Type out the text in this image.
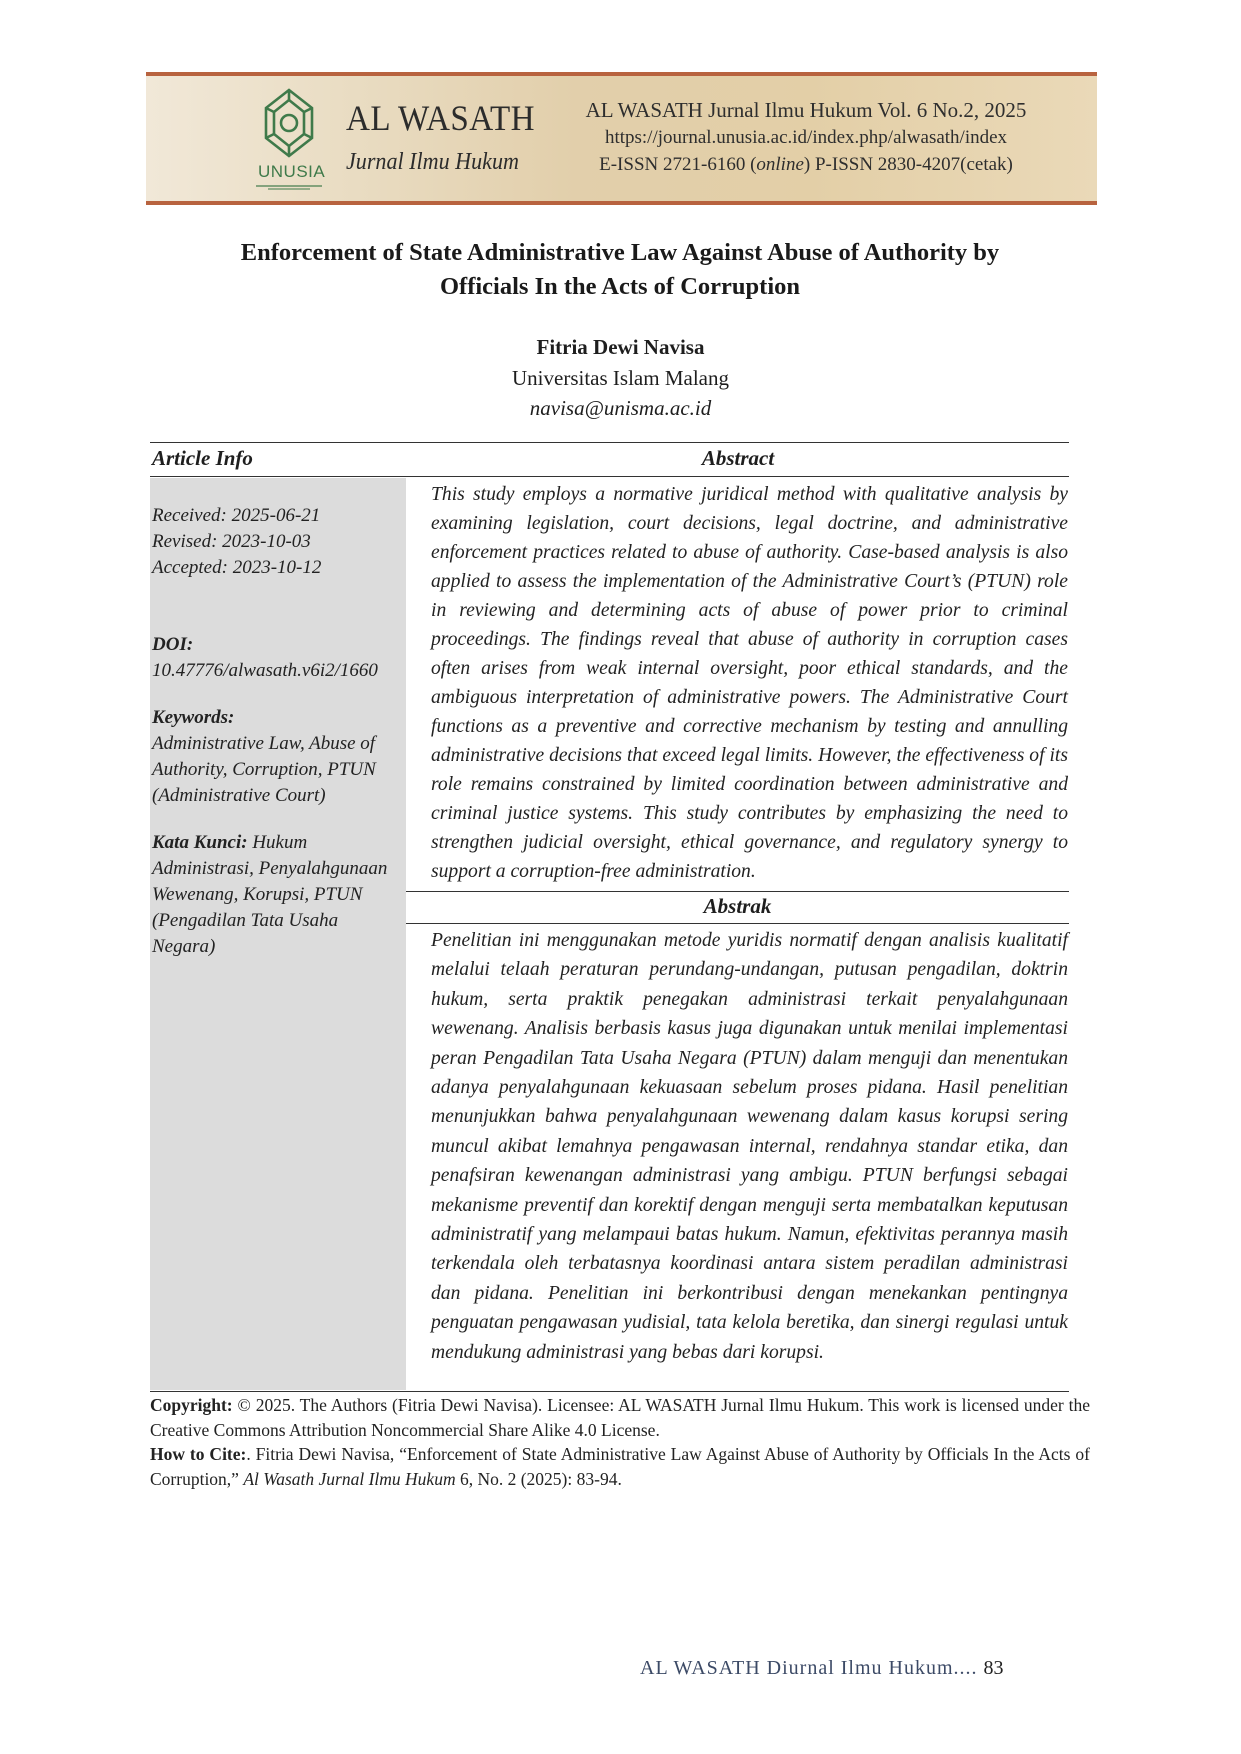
UNUSIA
AL WASATH
Jurnal Ilmu Hukum
AL WASATH Jurnal Ilmu Hukum Vol. 6 No.2, 2025
https://journal.unusia.ac.id/index.php/alwasath/index
E-ISSN 2721-6160 (online) P-ISSN 2830-4207(cetak)
Enforcement of State Administrative Law Against Abuse of Authority by
Officials In the Acts of Corruption
Fitria Dewi Navisa
Universitas Islam Malang
navisa@unisma.ac.id
Article Info	Abstract
Received: 2025-06-21
Revised: 2023-10-03
Accepted: 2023-10-12
DOI:
10.47776/alwasath.v6i2/1660
Keywords:
Administrative Law, Abuse of Authority, Corruption, PTUN (Administrative Court)
Kata Kunci: Hukum Administrasi, Penyalahgunaan Wewenang, Korupsi, PTUN (Pengadilan Tata Usaha Negara)
This study employs a normative juridical method with qualitative analysis by examining legislation, court decisions, legal doctrine, and administrative enforcement practices related to abuse of authority. Case-based analysis is also applied to assess the implementation of the Administrative Court’s (PTUN) role in reviewing and determining acts of abuse of power prior to criminal proceedings. The findings reveal that abuse of authority in corruption cases often arises from weak internal oversight, poor ethical standards, and the ambiguous interpretation of administrative powers. The Administrative Court functions as a preventive and corrective mechanism by testing and annulling administrative decisions that exceed legal limits. However, the effectiveness of its role remains constrained by limited coordination between administrative and criminal justice systems. This study contributes by emphasizing the need to strengthen judicial oversight, ethical governance, and regulatory synergy to support a corruption-free administration.
Abstrak
Penelitian ini menggunakan metode yuridis normatif dengan analisis kualitatif melalui telaah peraturan perundang-undangan, putusan pengadilan, doktrin hukum, serta praktik penegakan administrasi terkait penyalahgunaan wewenang. Analisis berbasis kasus juga digunakan untuk menilai implementasi peran Pengadilan Tata Usaha Negara (PTUN) dalam menguji dan menentukan adanya penyalahgunaan kekuasaan sebelum proses pidana. Hasil penelitian menunjukkan bahwa penyalahgunaan wewenang dalam kasus korupsi sering muncul akibat lemahnya pengawasan internal, rendahnya standar etika, dan penafsiran kewenangan administrasi yang ambigu. PTUN berfungsi sebagai mekanisme preventif dan korektif dengan menguji serta membatalkan keputusan administratif yang melampaui batas hukum. Namun, efektivitas perannya masih terkendala oleh terbatasnya koordinasi antara sistem peradilan administrasi dan pidana. Penelitian ini berkontribusi dengan menekankan pentingnya penguatan pengawasan yudisial, tata kelola beretika, dan sinergi regulasi untuk mendukung administrasi yang bebas dari korupsi.

Copyright: © 2025. The Authors (Fitria Dewi Navisa). Licensee: AL WASATH Jurnal Ilmu Hukum. This work is licensed under the Creative Commons Attribution Noncommercial Share Alike 4.0 License.

How to Cite:. Fitria Dewi Navisa, “Enforcement of State Administrative Law Against Abuse of Authority by Officials In the Acts of Corruption,” Al Wasath Jurnal Ilmu Hukum 6, No. 2 (2025): 83-94.

AL WASATH Diurnal Ilmu Hukum.... 83
